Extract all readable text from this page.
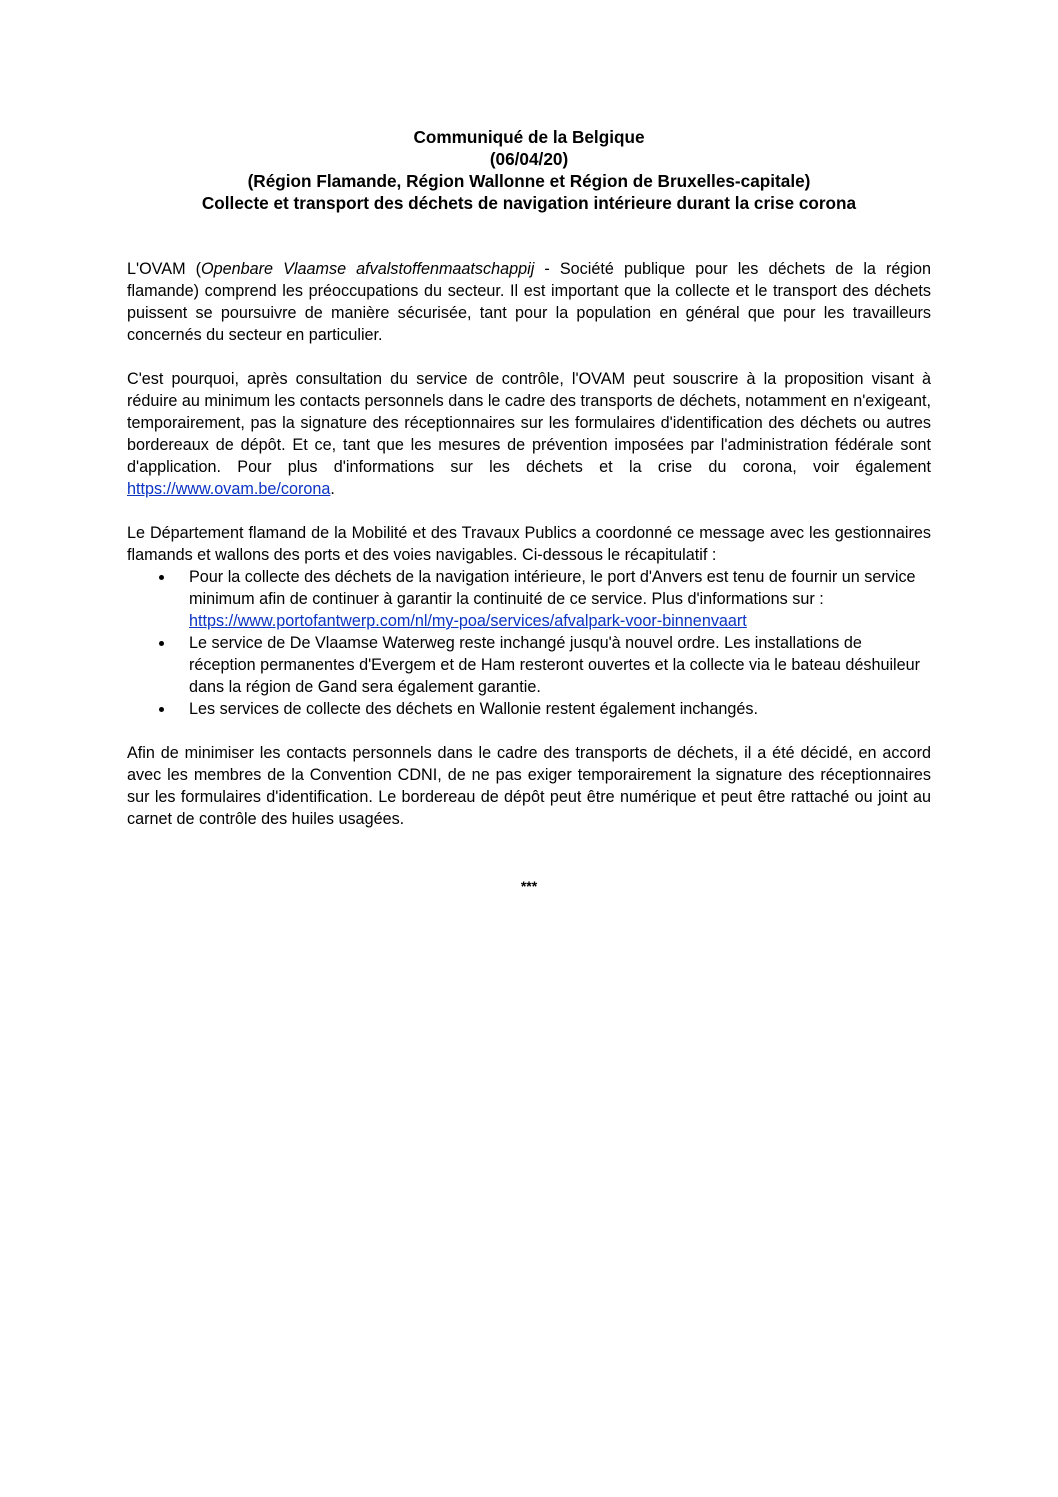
Communiqué de la Belgique
(06/04/20)
(Région Flamande, Région Wallonne et Région de Bruxelles-capitale)
Collecte et transport des déchets de navigation intérieure durant la crise corona

L'OVAM (Openbare Vlaamse afvalstoffenmaatschappij - Société publique pour les déchets de la région flamande) comprend les préoccupations du secteur. Il est important que la collecte et le transport des déchets puissent se poursuivre de manière sécurisée, tant pour la population en général que pour les travailleurs concernés du secteur en particulier.

C'est pourquoi, après consultation du service de contrôle, l'OVAM peut souscrire à la proposition visant à réduire au minimum les contacts personnels dans le cadre des transports de déchets, notamment en n'exigeant, temporairement, pas la signature des réceptionnaires sur les formulaires d'identification des déchets ou autres bordereaux de dépôt. Et ce, tant que les mesures de prévention imposées par l'administration fédérale sont d'application. Pour plus d'informations sur les déchets et la crise du corona, voir également https://www.ovam.be/corona.

Le Département flamand de la Mobilité et des Travaux Publics a coordonné ce message avec les gestionnaires flamands et wallons des ports et des voies navigables. Ci-dessous le récapitulatif :

Pour la collecte des déchets de la navigation intérieure, le port d'Anvers est tenu de fournir un service minimum afin de continuer à garantir la continuité de ce service. Plus d'informations sur : https://www.portofantwerp.com/nl/my-poa/services/afvalpark-voor-binnenvaart
Le service de De Vlaamse Waterweg reste inchangé jusqu'à nouvel ordre. Les installations de réception permanentes d'Evergem et de Ham resteront ouvertes et la collecte via le bateau déshuileur dans la région de Gand sera également garantie.
Les services de collecte des déchets en Wallonie restent également inchangés.

Afin de minimiser les contacts personnels dans le cadre des transports de déchets, il a été décidé, en accord avec les membres de la Convention CDNI, de ne pas exiger temporairement la signature des réceptionnaires sur les formulaires d'identification. Le bordereau de dépôt peut être numérique et peut être rattaché ou joint au carnet de contrôle des huiles usagées.

***
